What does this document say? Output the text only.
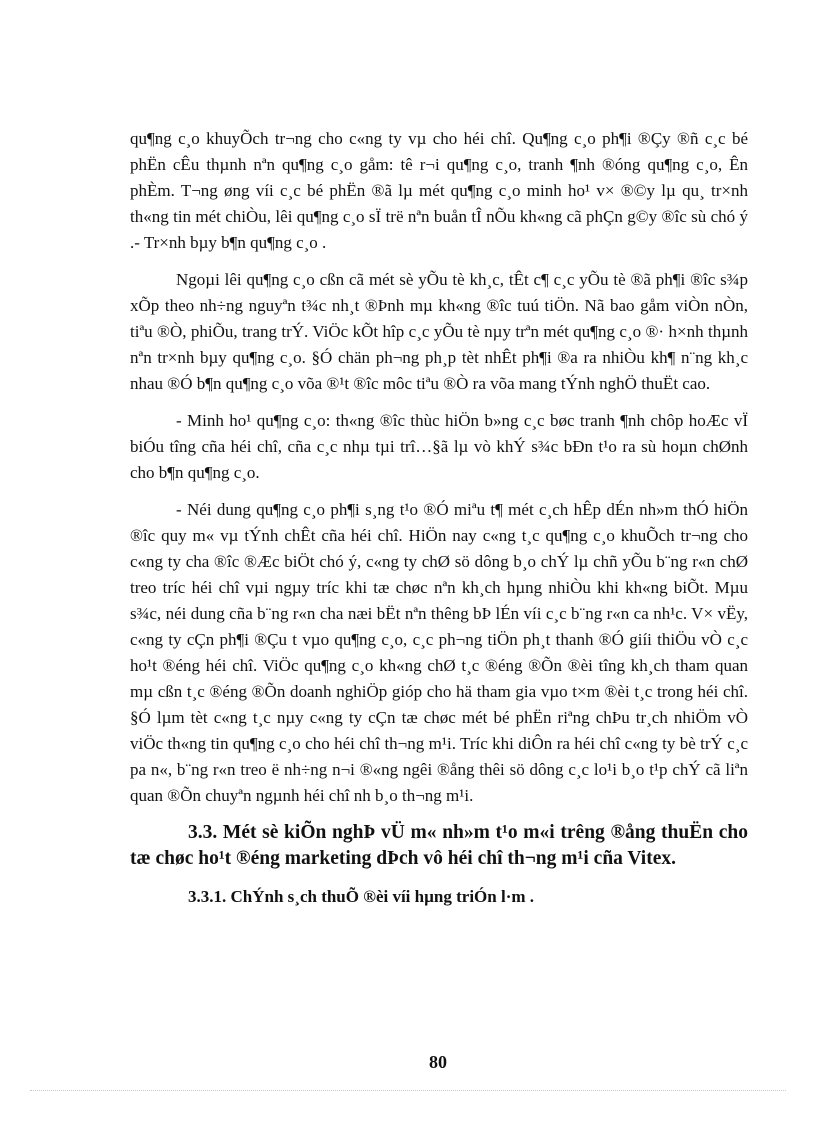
qu¶ng c¸o khuyÕch tr¬ng cho c«ng ty vµ cho héi chî. Qu¶ng c¸o ph¶i ®Çy ®ñ c¸c bé phËn cÊu thµnh nªn qu¶ng c¸o gåm: tê r¬i qu¶ng c¸o, tranh ¶nh ®óng qu¶ng c¸o, Ên phÈm. T¬ng øng víi c¸c bé phËn ®ã lµ mét qu¶ng c¸o minh ho¹ v× ®©y lµ qu¸ tr×nh th«ng tin mét chiÒu, lêi qu¶ng c¸o sÏ trë nªn buån tÎ nÕu kh«ng cã phÇn g©y ®îc sù chó ý .- Tr×nh bµy b¶n qu¶ng c¸o .

Ngoµi lêi qu¶ng c¸o cßn cã mét sè yÕu tè kh¸c, tÊt c¶ c¸c yÕu tè ®ã ph¶i ®îc s¾p xÕp theo nh÷ng nguyªn t¾c nh¸t ®Þnh mµ kh«ng ®îc tuú tiÖn. Nã bao gåm viÒn nÒn, tiªu ®Ò, phiÕu, trang trÝ. ViÖc kÕt hîp c¸c yÕu tè nµy trªn mét qu¶ng c¸o ®· h×nh thµnh nªn tr×nh bµy qu¶ng c¸o. §Ó chän ph¬ng ph¸p tèt nhÊt ph¶i ®a ra nhiÒu kh¶ n¨ng kh¸c nhau ®Ó b¶n qu¶ng c¸o võa ®¹t ®îc môc tiªu ®Ò ra võa mang tÝnh nghÖ thuËt cao.

- Minh ho¹ qu¶ng c¸o: th«ng ®îc thùc hiÖn b»ng c¸c bøc tranh ¶nh chôp hoÆc vÏ biÓu tîng cña héi chî, cña c¸c nhµ tµi trî…§ã lµ vò khÝ s¾c bÐn t¹o ra sù hoµn chØnh cho b¶n qu¶ng c¸o.

- Néi dung qu¶ng c¸o ph¶i s¸ng t¹o ®Ó miªu t¶ mét c¸ch hÊp dÉn nh»m thÓ hiÖn ®îc quy m« vµ tÝnh chÊt cña héi chî. HiÖn nay c«ng t¸c qu¶ng c¸o khuÕch tr¬ng cho c«ng ty cha ®îc ®Æc biÖt chó ý, c«ng ty chØ sö dông b¸o chÝ lµ chñ yÕu b¨ng r«n chØ treo tríc héi chî vµi ngµy tríc khi tæ chøc nªn kh¸ch hµng nhiÒu khi kh«ng biÕt. Mµu s¾c, néi dung cña b¨ng r«n cha næi bËt nªn thêng bÞ lÉn víi c¸c b¨ng r«n ca nh¹c. V× vËy, c«ng ty cÇn ph¶i ®Çu t vµo qu¶ng c¸o, c¸c ph¬ng tiÖn ph¸t thanh ®Ó giíi thiÖu vÒ c¸c ho¹t ®éng héi chî. ViÖc qu¶ng c¸o kh«ng chØ t¸c ®éng ®Õn ®èi tîng kh¸ch tham quan mµ cßn t¸c ®éng ®Õn doanh nghiÖp gióp cho hä tham gia vµo t×m ®èi t¸c trong héi chî. §Ó lµm tèt c«ng t¸c nµy c«ng ty cÇn tæ chøc mét bé phËn riªng chÞu tr¸ch nhiÖm vÒ viÖc th«ng tin qu¶ng c¸o cho héi chî th¬ng m¹i. Tríc khi diÔn ra héi chî c«ng ty bè trÝ c¸c pa n«, b¨ng r«n treo ë nh÷ng n¬i ®«ng ngêi ®ång thêi sö dông c¸c lo¹i b¸o t¹p chÝ cã liªn quan ®Õn chuyªn ngµnh héi chî nh b¸o th¬ng m¹i.

3.3. Mét sè kiÕn nghÞ vÜ m« nh»m t¹o m«i trêng ®ång thuËn cho tæ chøc ho¹t ®éng marketing dÞch vô héi chî th¬ng m¹i cña Vitex.

3.3.1. ChÝnh s¸ch thuÕ ®èi víi hµng triÓn l·m .

80
